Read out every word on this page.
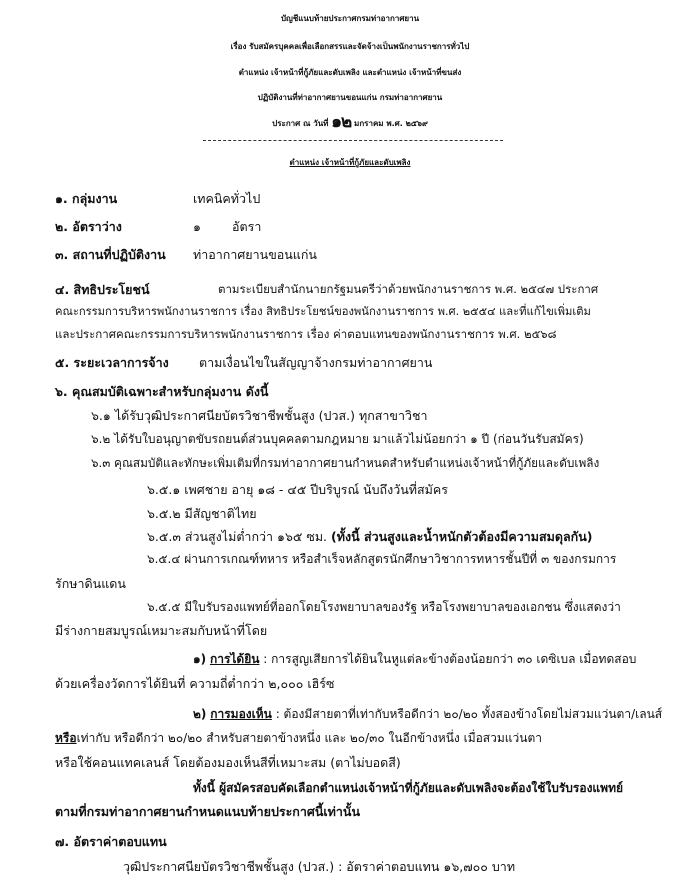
บัญชีแนบท้ายประกาศกรมท่าอากาศยาน
เรื่อง รับสมัครบุคคลเพื่อเลือกสรรและจัดจ้างเป็นพนักงานราชการทั่วไป
ตำแหน่ง เจ้าหน้าที่กู้ภัยและดับเพลิง และตำแหน่ง เจ้าหน้าที่ขนส่ง
ปฏิบัติงานที่ท่าอากาศยานขอนแก่น กรมท่าอากาศยาน
ประกาศ ณ วันที่ ๑๒ มกราคม พ.ศ. ๒๕๖๙
ตำแหน่ง เจ้าหน้าที่กู้ภัยและดับเพลิง
๑. กลุ่มงาน	เทคนิคทั่วไป
๒. อัตราว่าง	๑ อัตรา
๓. สถานที่ปฏิบัติงาน ท่าอากาศยานขอนแก่น
๔. สิทธิประโยชน์	ตามระเบียบสำนักนายกรัฐมนตรีว่าด้วยพนักงานราชการ พ.ศ. ๒๕๔๗ ประกาศ
คณะกรรมการบริหารพนักงานราชการ เรื่อง สิทธิประโยชน์ของพนักงานราชการ พ.ศ. ๒๕๕๔ และที่แก้ไขเพิ่มเติม
และประกาศคณะกรรมการบริหารพนักงานราชการ เรื่อง ค่าตอบแทนของพนักงานราชการ พ.ศ. ๒๕๖๘
๕. ระยะเวลาการจ้าง ตามเงื่อนไขในสัญญาจ้างกรมท่าอากาศยาน
๖. คุณสมบัติเฉพาะสำหรับกลุ่มงาน ดังนี้
๖.๑ ได้รับวุฒิประกาศนียบัตรวิชาชีพชั้นสูง (ปวส.) ทุกสาขาวิชา
๖.๒ ได้รับใบอนุญาตขับรถยนต์ส่วนบุคคลตามกฎหมาย มาแล้วไม่น้อยกว่า ๑ ปี (ก่อนวันรับสมัคร)
๖.๓ คุณสมบัติและทักษะเพิ่มเติมที่กรมท่าอากาศยานกำหนดสำหรับตำแหน่งเจ้าหน้าที่กู้ภัยและดับเพลิง
๖.๕.๑ เพศชาย อายุ ๑๘ - ๔๕ ปีบริบูรณ์ นับถึงวันที่สมัคร
๖.๕.๒ มีสัญชาติไทย
๖.๕.๓ ส่วนสูงไม่ต่ำกว่า ๑๖๕ ซม. (ทั้งนี้ ส่วนสูงและน้ำหนักตัวต้องมีความสมดุลกัน)
๖.๕.๔ ผ่านการเกณฑ์ทหาร หรือสำเร็จหลักสูตรนักศึกษาวิชาการทหารชั้นปีที่ ๓ ของกรมการ
รักษาดินแดน
๖.๕.๕ มีใบรับรองแพทย์ที่ออกโดยโรงพยาบาลของรัฐ หรือโรงพยาบาลของเอกชน ซึ่งแสดงว่า
มีร่างกายสมบูรณ์เหมาะสมกับหน้าที่โดย
๑) การได้ยิน : การสูญเสียการได้ยินในหูแต่ละข้างต้องน้อยกว่า ๓๐ เดซิเบล เมื่อทดสอบ
ด้วยเครื่องวัดการได้ยินที่ ความถี่ต่ำกว่า ๒,๐๐๐ เฮิร์ซ
๒) การมองเห็น : ต้องมีสายตาที่เท่ากับหรือดีกว่า ๒๐/๒๐ ทั้งสองข้างโดยไม่สวมแว่นตา/เลนส์
หรือเท่ากับ หรือดีกว่า ๒๐/๒๐ สำหรับสายตาข้างหนึ่ง และ ๒๐/๓๐ ในอีกข้างหนึ่ง เมื่อสวมแว่นตา
หรือใช้คอนแทคเลนส์ โดยต้องมองเห็นสีที่เหมาะสม (ตาไม่บอดสี)
ทั้งนี้ ผู้สมัครสอบคัดเลือกตำแหน่งเจ้าหน้าที่กู้ภัยและดับเพลิงจะต้องใช้ใบรับรองแพทย์
ตามที่กรมท่าอากาศยานกำหนดแนบท้ายประกาศนี้เท่านั้น
๗. อัตราค่าตอบแทน
วุฒิประกาศนียบัตรวิชาชีพชั้นสูง (ปวส.) : อัตราค่าตอบแทน ๑๖,๗๐๐ บาท
